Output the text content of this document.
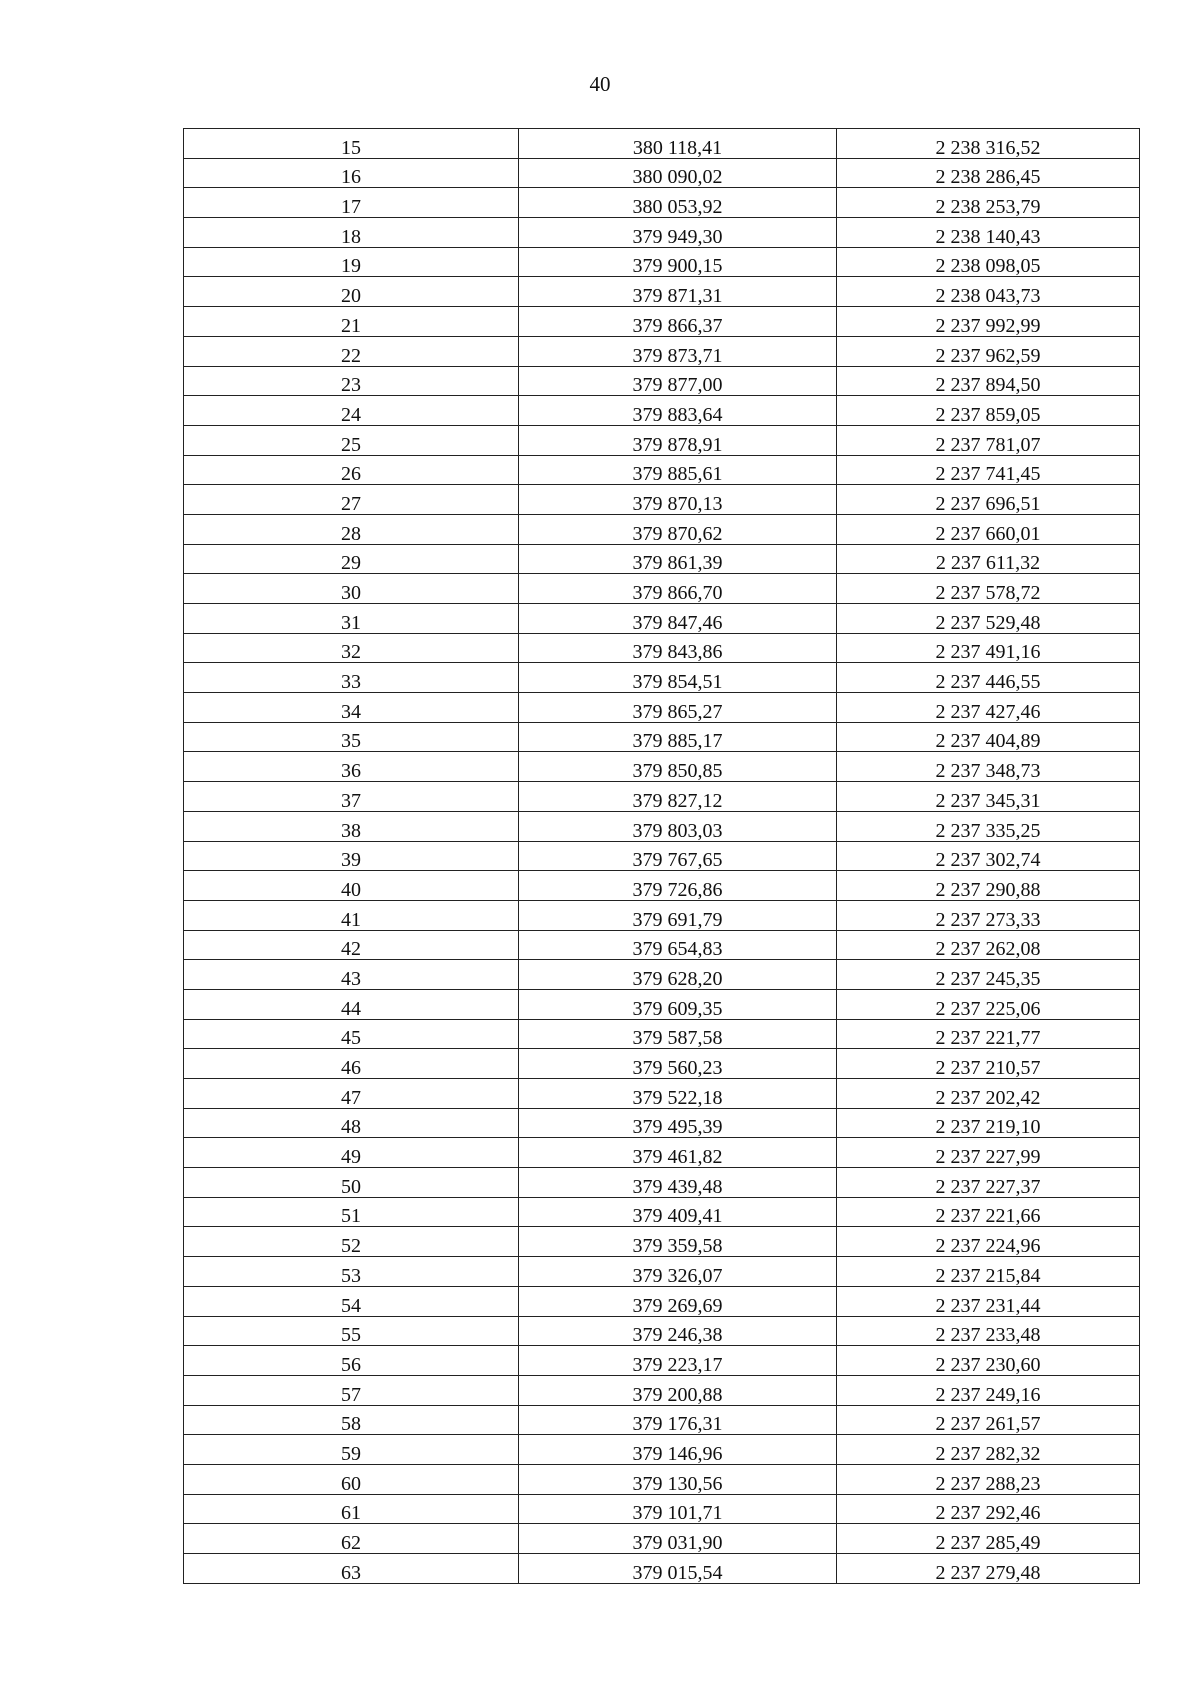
40
15	380 118,41	2 238 316,52
16	380 090,02	2 238 286,45
17	380 053,92	2 238 253,79
18	379 949,30	2 238 140,43
19	379 900,15	2 238 098,05
20	379 871,31	2 238 043,73
21	379 866,37	2 237 992,99
22	379 873,71	2 237 962,59
23	379 877,00	2 237 894,50
24	379 883,64	2 237 859,05
25	379 878,91	2 237 781,07
26	379 885,61	2 237 741,45
27	379 870,13	2 237 696,51
28	379 870,62	2 237 660,01
29	379 861,39	2 237 611,32
30	379 866,70	2 237 578,72
31	379 847,46	2 237 529,48
32	379 843,86	2 237 491,16
33	379 854,51	2 237 446,55
34	379 865,27	2 237 427,46
35	379 885,17	2 237 404,89
36	379 850,85	2 237 348,73
37	379 827,12	2 237 345,31
38	379 803,03	2 237 335,25
39	379 767,65	2 237 302,74
40	379 726,86	2 237 290,88
41	379 691,79	2 237 273,33
42	379 654,83	2 237 262,08
43	379 628,20	2 237 245,35
44	379 609,35	2 237 225,06
45	379 587,58	2 237 221,77
46	379 560,23	2 237 210,57
47	379 522,18	2 237 202,42
48	379 495,39	2 237 219,10
49	379 461,82	2 237 227,99
50	379 439,48	2 237 227,37
51	379 409,41	2 237 221,66
52	379 359,58	2 237 224,96
53	379 326,07	2 237 215,84
54	379 269,69	2 237 231,44
55	379 246,38	2 237 233,48
56	379 223,17	2 237 230,60
57	379 200,88	2 237 249,16
58	379 176,31	2 237 261,57
59	379 146,96	2 237 282,32
60	379 130,56	2 237 288,23
61	379 101,71	2 237 292,46
62	379 031,90	2 237 285,49
63	379 015,54	2 237 279,48
